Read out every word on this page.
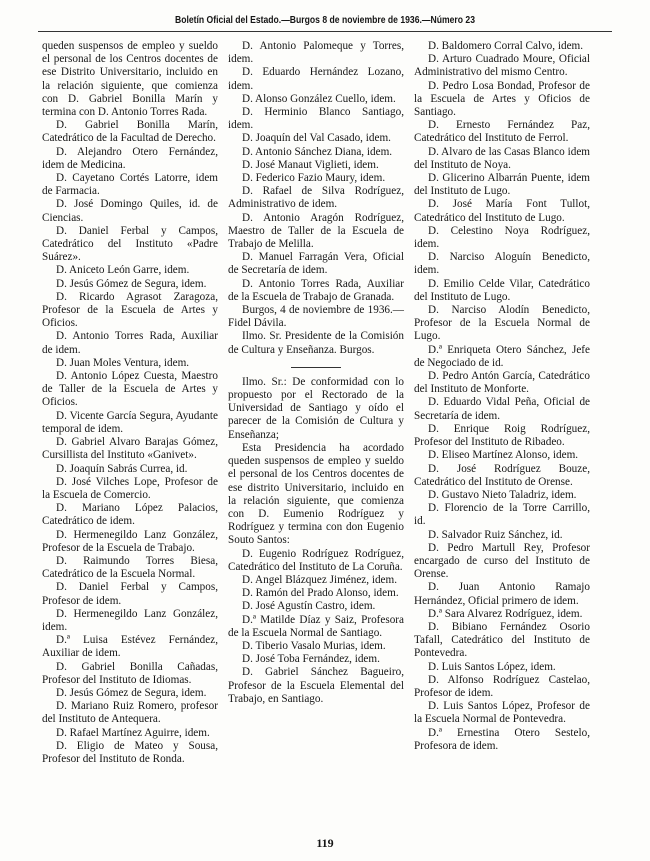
Boletín Oficial del Estado.—Burgos 8 de noviembre de 1936.—Número 23

queden suspensos de empleo y sueldo el personal de los Centros docentes de ese Distrito Universitario, incluido en la relación siguiente, que comienza con D. Gabriel Bonilla Marín y termina con D. Antonio Torres Rada.

D. Gabriel Bonilla Marín, Catedrático de la Facultad de Derecho.

D. Alejandro Otero Fernández, idem de Medicina.

D. Cayetano Cortés Latorre, idem de Farmacia.

D. José Domingo Quiles, id. de Ciencias.

D. Daniel Ferbal y Campos, Catedrático del Instituto «Padre Suárez».

D. Aniceto León Garre, idem.

D. Jesús Gómez de Segura, idem.

D. Ricardo Agrasot Zaragoza, Profesor de la Escuela de Artes y Oficios.

D. Antonio Torres Rada, Auxiliar de idem.

D. Juan Moles Ventura, idem.

D. Antonio López Cuesta, Maestro de Taller de la Escuela de Artes y Oficios.

D. Vicente García Segura, Ayudante temporal de idem.

D. Gabriel Alvaro Barajas Gómez, Cursillista del Instituto «Ganivet».

D. Joaquín Sabrás Currea, id.

D. José Vilches Lope, Profesor de la Escuela de Comercio.

D. Mariano López Palacios, Catedrático de idem.

D. Hermenegildo Lanz González, Profesor de la Escuela de Trabajo.

D. Raimundo Torres Biesa, Catedrático de la Escuela Normal.

D. Daniel Ferbal y Campos, Profesor de idem.

D. Hermenegildo Lanz González, idem.

D.ª Luisa Estévez Fernández, Auxiliar de idem.

D. Gabriel Bonilla Cañadas, Profesor del Instituto de Idiomas.

D. Jesús Gómez de Segura, idem.

D. Mariano Ruiz Romero, profesor del Instituto de Antequera.

D. Rafael Martínez Aguirre, idem.

D. Eligio de Mateo y Sousa, Profesor del Instituto de Ronda.

D. Antonio Palomeque y Torres, idem.

D. Eduardo Hernández Lozano, idem.

D. Alonso González Cuello, idem.

D. Herminio Blanco Santiago, idem.

D. Joaquín del Val Casado, idem.

D. Antonio Sánchez Diana, idem.

D. José Manaut Viglieti, idem.

D. Federico Fazio Maury, idem.

D. Rafael de Silva Rodríguez, Administrativo de idem.

D. Antonio Aragón Rodríguez, Maestro de Taller de la Escuela de Trabajo de Melilla.

D. Manuel Farragán Vera, Oficial de Secretaría de idem.

D. Antonio Torres Rada, Auxiliar de la Escuela de Trabajo de Granada.

Burgos, 4 de noviembre de 1936.—Fidel Dávila.

Ilmo. Sr. Presidente de la Comisión de Cultura y Enseñanza. Burgos.

Ilmo. Sr.: De conformidad con lo propuesto por el Rectorado de la Universidad de Santiago y oído el parecer de la Comisión de Cultura y Enseñanza;

Esta Presidencia ha acordado queden suspensos de empleo y sueldo el personal de los Centros docentes de ese distrito Universitario, incluido en la relación siguiente, que comienza con D. Eumenio Rodríguez y Rodríguez y termina con don Eugenio Souto Santos:

D. Eugenio Rodríguez Rodríguez, Catedrático del Instituto de La Coruña.

D. Angel Blázquez Jiménez, idem.

D. Ramón del Prado Alonso, idem.

D. José Agustín Castro, idem.

D.ª Matilde Díaz y Saiz, Profesora de la Escuela Normal de Santiago.

D. Tiberio Vasalo Murias, idem.

D. José Toba Fernández, idem.

D. Gabriel Sánchez Bagueiro, Profesor de la Escuela Elemental del Trabajo, en Santiago.

D. Baldomero Corral Calvo, idem.

D. Arturo Cuadrado Moure, Oficial Administrativo del mismo Centro.

D. Pedro Losa Bondad, Profesor de la Escuela de Artes y Oficios de Santiago.

D. Ernesto Fernández Paz, Catedrático del Instituto de Ferrol.

D. Alvaro de las Casas Blanco idem del Instituto de Noya.

D. Glicerino Albarrán Puente, idem del Instituto de Lugo.

D. José María Font Tullot, Catedrático del Instituto de Lugo.

D. Celestino Noya Rodríguez, idem.

D. Narciso Aloguín Benedicto, idem.

D. Emilio Celde Vilar, Catedrático del Instituto de Lugo.

D. Narciso Alodín Benedicto, Profesor de la Escuela Normal de Lugo.

D.ª Enriqueta Otero Sánchez, Jefe de Negociado de id.

D. Pedro Antón García, Catedrático del Instituto de Monforte.

D. Eduardo Vidal Peña, Oficial de Secretaría de idem.

D. Enrique Roig Rodríguez, Profesor del Instituto de Ribadeo.

D. Eliseo Martínez Alonso, idem.

D. José Rodríguez Bouze, Catedrático del Instituto de Orense.

D. Gustavo Nieto Taladriz, idem.

D. Florencio de la Torre Carrillo, id.

D. Salvador Ruiz Sánchez, id.

D. Pedro Martull Rey, Profesor encargado de curso del Instituto de Orense.

D. Juan Antonio Ramajo Hernández, Oficial primero de idem.

D.ª Sara Alvarez Rodríguez, idem.

D. Bibiano Fernández Osorio Tafall, Catedrático del Instituto de Pontevedra.

D. Luis Santos López, idem.

D. Alfonso Rodríguez Castelao, Profesor de idem.

D. Luis Santos López, Profesor de la Escuela Normal de Pontevedra.

D.ª Ernestina Otero Sestelo, Profesora de idem.

119
